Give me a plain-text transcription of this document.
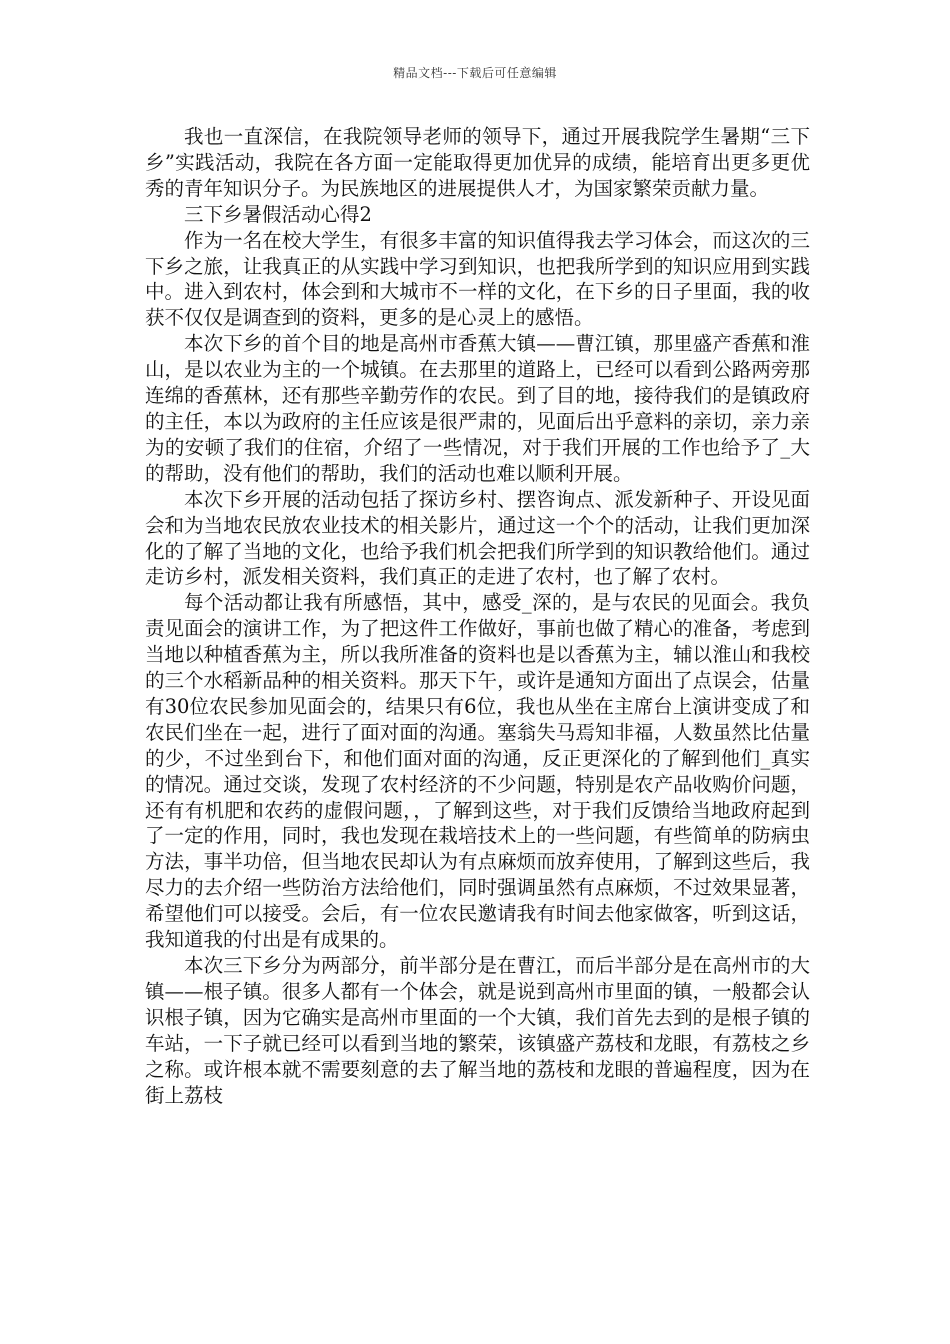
精品文档---下载后可任意编辑

我也一直深信，在我院领导老师的领导下，通过开展我院学生暑期“三下乡”实践活动，我院在各方面一定能取得更加优异的成绩，能培育出更多更优秀的青年知识分子。为民族地区的进展提供人才，为国家繁荣贡献力量。

三下乡暑假活动心得2

作为一名在校大学生，有很多丰富的知识值得我去学习体会，而这次的三下乡之旅，让我真正的从实践中学习到知识，也把我所学到的知识应用到实践中。进入到农村，体会到和大城市不一样的文化，在下乡的日子里面，我的收获不仅仅是调查到的资料，更多的是心灵上的感悟。

本次下乡的首个目的地是高州市香蕉大镇——曹江镇，那里盛产香蕉和淮山，是以农业为主的一个城镇。在去那里的道路上，已经可以看到公路两旁那连绵的香蕉林，还有那些辛勤劳作的农民。到了目的地，接待我们的是镇政府的主任，本以为政府的主任应该是很严肃的，见面后出乎意料的亲切，亲力亲为的安顿了我们的住宿，介绍了一些情况，对于我们开展的工作也给予了_大的帮助，没有他们的帮助，我们的活动也难以顺利开展。

本次下乡开展的活动包括了探访乡村、摆咨询点、派发新种子、开设见面会和为当地农民放农业技术的相关影片，通过这一个个的活动，让我们更加深化的了解了当地的文化，也给予我们机会把我们所学到的知识教给他们。通过走访乡村，派发相关资料，我们真正的走进了农村，也了解了农村。

每个活动都让我有所感悟，其中，感受_深的，是与农民的见面会。我负责见面会的演讲工作，为了把这件工作做好，事前也做了精心的准备，考虑到当地以种植香蕉为主，所以我所准备的资料也是以香蕉为主，辅以淮山和我校的三个水稻新品种的相关资料。那天下午，或许是通知方面出了点误会，估量有30位农民参加见面会的，结果只有6位，我也从坐在主席台上演讲变成了和农民们坐在一起，进行了面对面的沟通。塞翁失马焉知非福，人数虽然比估量的少，不过坐到台下，和他们面对面的沟通，反正更深化的了解到他们_真实的情况。通过交谈，发现了农村经济的不少问题，特别是农产品收购价问题，还有有机肥和农药的虚假问题，，了解到这些，对于我们反馈给当地政府起到了一定的作用，同时，我也发现在栽培技术上的一些问题，有些简单的防病虫方法，事半功倍，但当地农民却认为有点麻烦而放弃使用，了解到这些后，我尽力的去介绍一些防治方法给他们，同时强调虽然有点麻烦，不过效果显著，希望他们可以接受。会后，有一位农民邀请我有时间去他家做客，听到这话，我知道我的付出是有成果的。

本次三下乡分为两部分，前半部分是在曹江，而后半部分是在高州市的大镇——根子镇。很多人都有一个体会，就是说到高州市里面的镇，一般都会认识根子镇，因为它确实是高州市里面的一个大镇，我们首先去到的是根子镇的车站，一下子就已经可以看到当地的繁荣，该镇盛产荔枝和龙眼，有荔枝之乡之称。或许根本就不需要刻意的去了解当地的荔枝和龙眼的普遍程度，因为在街上荔枝
